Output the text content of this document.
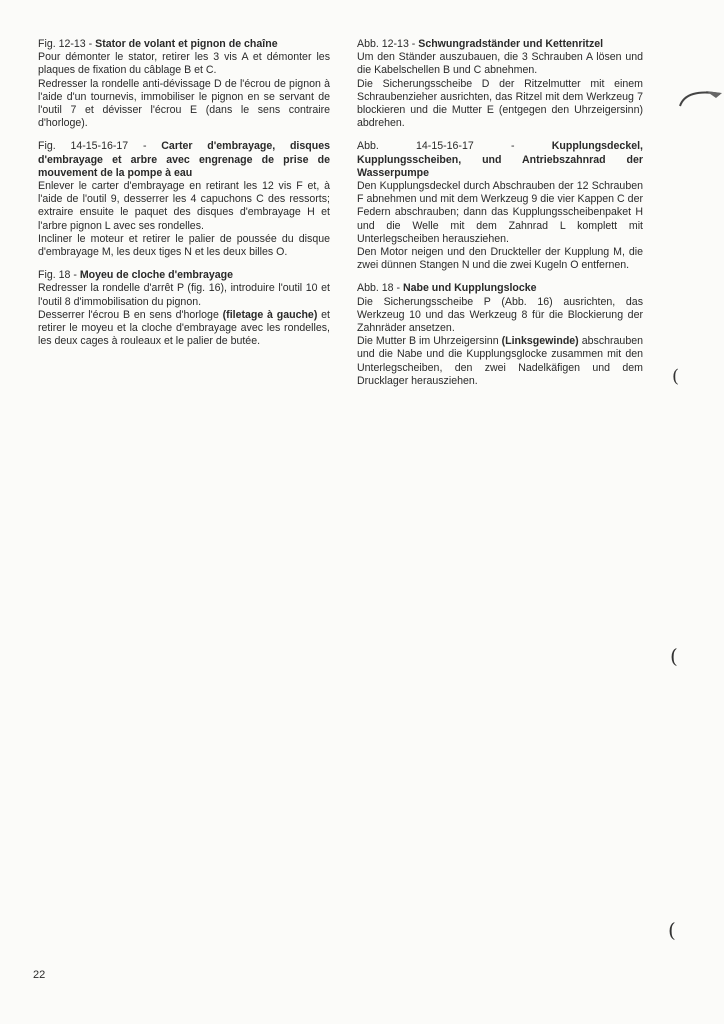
Fig. 12-13 - Stator de volant et pignon de chaîne

Pour démonter le stator, retirer les 3 vis A et démonter les plaques de fixation du câblage B et C.

Redresser la rondelle anti-dévissage D de l'écrou de pignon à l'aide d'un tournevis, immobiliser le pignon en se servant de l'outil 7 et dévisser l'écrou E (dans le sens contraire d'horloge).

Fig. 14-15-16-17 - Carter d'embrayage, disques d'embrayage et arbre avec engrenage de prise de mouvement de la pompe à eau

Enlever le carter d'embrayage en retirant les 12 vis F et, à l'aide de l'outil 9, desserrer les 4 capuchons C des ressorts; extraire ensuite le paquet des disques d'embrayage H et l'arbre pignon L avec ses rondelles.

Incliner le moteur et retirer le palier de poussée du disque d'embrayage M, les deux tiges N et les deux billes O.

Fig. 18 - Moyeu de cloche d'embrayage

Redresser la rondelle d'arrêt P (fig. 16), introduire l'outil 10 et l'outil 8 d'immobilisation du pignon.

Desserrer l'écrou B en sens d'horloge (filetage à gauche) et retirer le moyeu et la cloche d'embrayage avec les rondelles, les deux cages à rouleaux et le palier de butée.

Abb. 12-13 - Schwungradständer und Kettenritzel

Um den Ständer auszubauen, die 3 Schrauben A lösen und die Kabelschellen B und C abnehmen.

Die Sicherungsscheibe D der Ritzelmutter mit einem Schraubenzieher ausrichten, das Ritzel mit dem Werkzeug 7 blockieren und die Mutter E (entgegen den Uhrzeigersinn) abdrehen.

Abb. 14-15-16-17 - Kupplungsdeckel, Kupplungsscheiben, und Antriebszahnrad der Wasserpumpe

Den Kupplungsdeckel durch Abschrauben der 12 Schrauben F abnehmen und mit dem Werkzeug 9 die vier Kappen C der Federn abschrauben; dann das Kupplungsscheibenpaket H und die Welle mit dem Zahnrad L komplett mit Unterlegscheiben herausziehen.

Den Motor neigen und den Druckteller der Kupplung M, die zwei dünnen Stangen N und die zwei Kugeln O entfernen.

Abb. 18 - Nabe und Kupplungslocke

Die Sicherungsscheibe P (Abb. 16) ausrichten, das Werkzeug 10 und das Werkzeug 8 für die Blockierung der Zahnräder ansetzen.

Die Mutter B im Uhrzeigersinn (Linksgewinde) abschrauben und die Nabe und die Kupplungsglocke zusammen mit den Unterlegscheiben, den zwei Nadelkäfigen und dem Drucklager herausziehen.	(
(
(
22
